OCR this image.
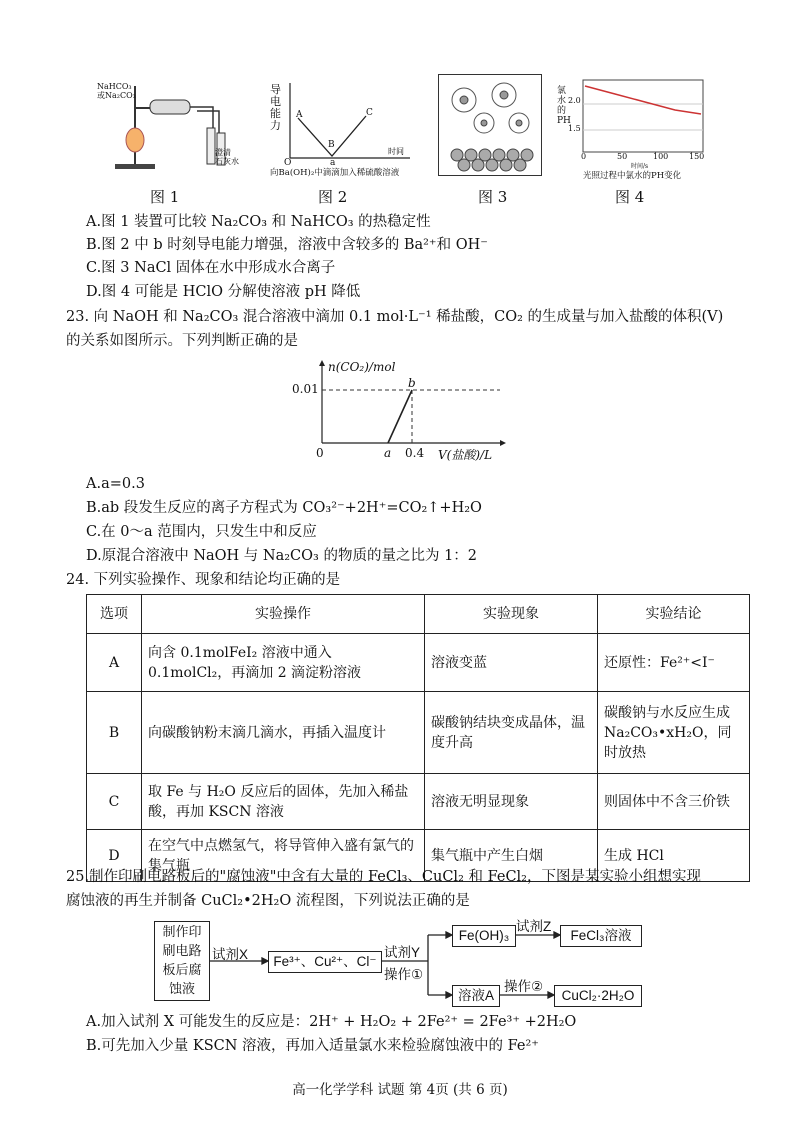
NaHCO₃
或Na₂CO₃
澄清
石灰水
图 1
导电能力
A
B
C
O	a
时间
向Ba(OH)₂中滴滴加入稀硫酸溶液
图 2	图 3
氯水的PH
2.0
1.5
0	50	100	150
时间/s
光照过程中氯水的PH变化
图 4
A.图 1 装置可比较 Na₂CO₃ 和 NaHCO₃ 的热稳定性
B.图 2 中 b 时刻导电能力增强，溶液中含较多的 Ba²⁺和 OH⁻
C.图 3 NaCl 固体在水中形成水合离子
D.图 4 可能是 HClO 分解使溶液 pH 降低
23. 向 NaOH 和 Na₂CO₃ 混合溶液中滴加 0.1 mol·L⁻¹ 稀盐酸，CO₂ 的生成量与加入盐酸的体积(V)
的关系如图所示。下列判断正确的是
n(CO₂)/mol
0.01
0	a
b
0.4 V(盐酸)/L
A.a=0.3
B.ab 段发生反应的离子方程式为 CO₃²⁻+2H⁺=CO₂↑+H₂O
C.在 0～a 范围内，只发生中和反应
D.原混合溶液中 NaOH 与 Na₂CO₃ 的物质的量之比为 1：2
24. 下列实验操作、现象和结论均正确的是
选项	实验操作	实验现象	实验结论
A	向含 0.1molFeI₂ 溶液中通入 0.1molCl₂，再滴加 2 滴淀粉溶液	溶液变蓝	还原性：Fe²⁺<I⁻
B	向碳酸钠粉末滴几滴水，再插入温度计	碳酸钠结块变成晶体，温度升高	碳酸钠与水反应生成 Na₂CO₃•xH₂O，同时放热
C	取 Fe 与 H₂O 反应后的固体，先加入稀盐酸，再加 KSCN 溶液	溶液无明显现象	则固体中不含三价铁
D	在空气中点燃氢气，将导管伸入盛有氯气的集气瓶	集气瓶中产生白烟	生成 HCl
25.制作印刷电路板后的"腐蚀液"中含有大量的 FeCl₃、CuCl₂ 和 FeCl₂，下图是某实验小组想实现
腐蚀液的再生并制备 CuCl₂•2H₂O 流程图，下列说法正确的是
制作印
刷电路
板后腐
蚀液
试剂X	Fe³⁺、Cu²⁺、Cl⁻
试剂Y
操作①
Fe(OH)₃
试剂Z
FeCl₃溶液
溶液A
操作②
CuCl₂·2H₂O
A.加入试剂 X 可能发生的反应是：2H⁺ + H₂O₂ + 2Fe²⁺ = 2Fe³⁺ +2H₂O
B.可先加入少量 KSCN 溶液，再加入适量氯水来检验腐蚀液中的 Fe²⁺
高一化学学科 试题 第 4页 (共 6 页)
